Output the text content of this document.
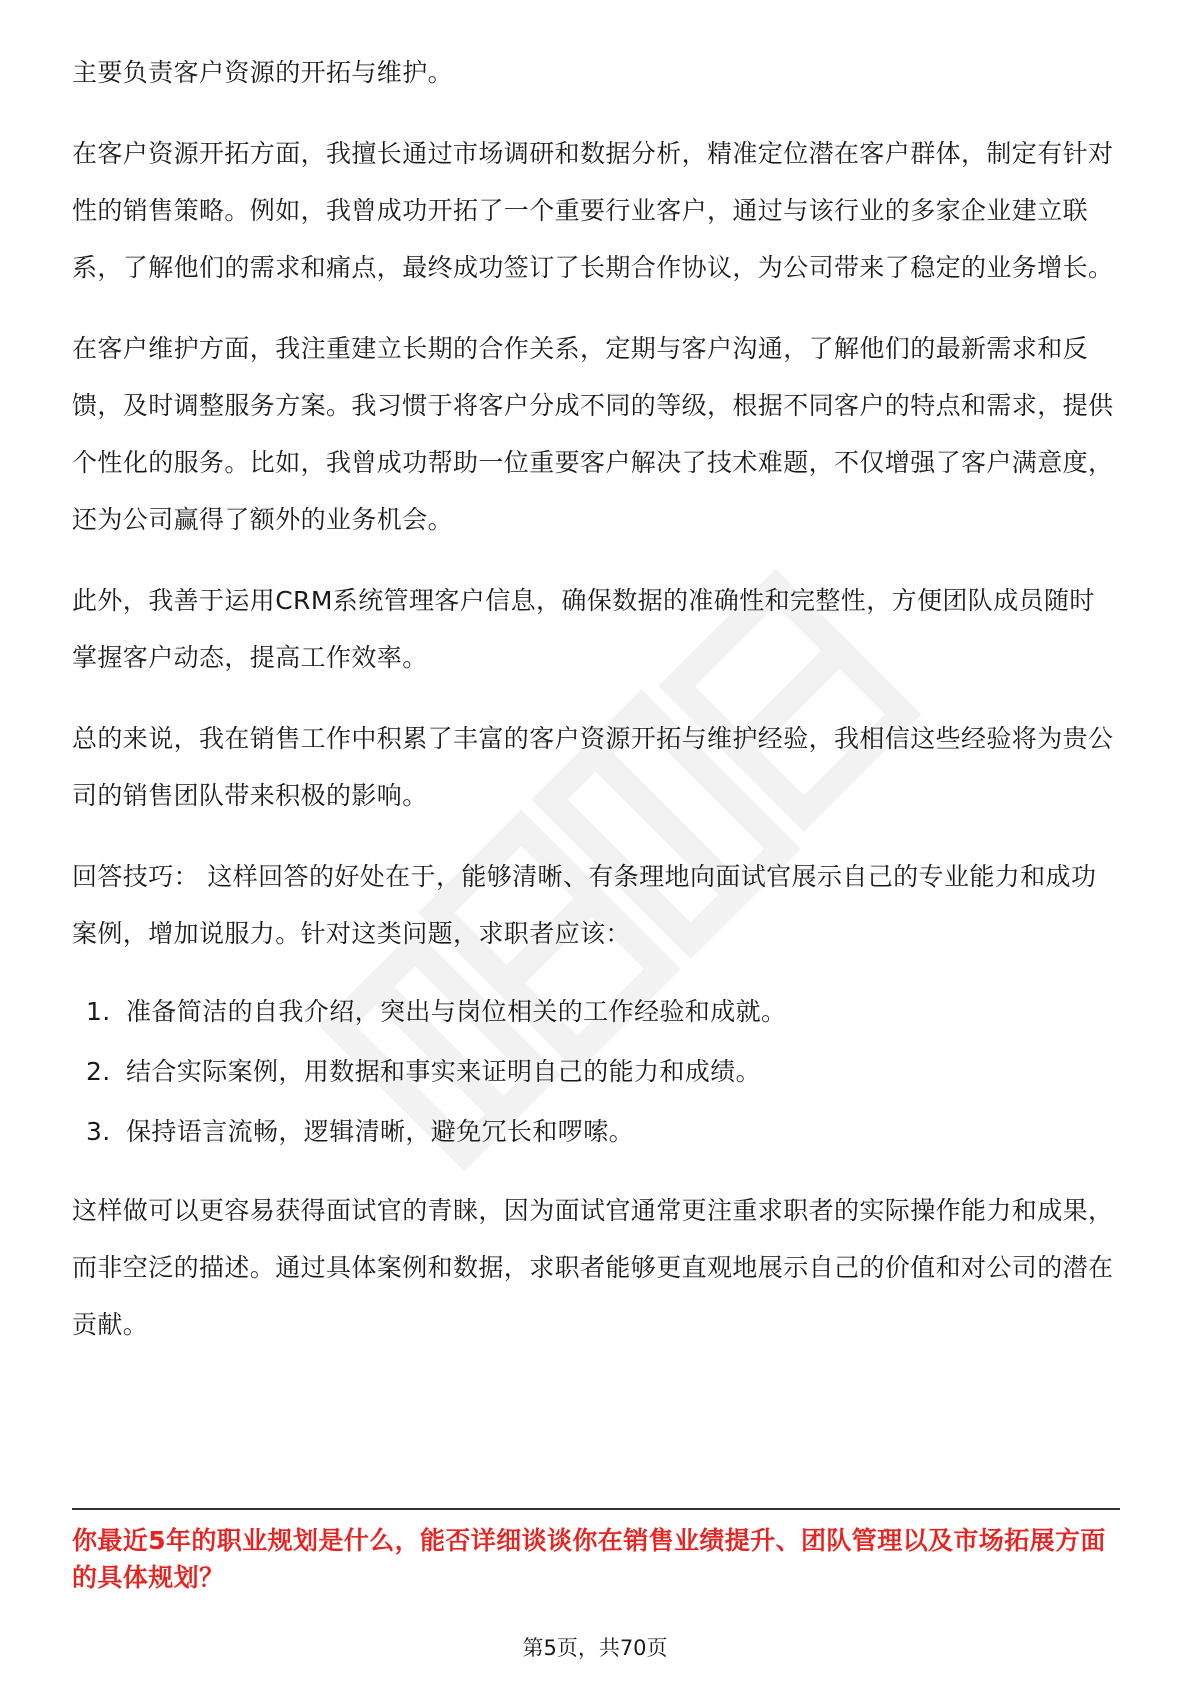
主要负责客户资源的开拓与维护。

在客户资源开拓方面，我擅长通过市场调研和数据分析，精准定位潜在客户群体，制定有针对性的销售策略。例如，我曾成功开拓了一个重要行业客户，通过与该行业的多家企业建立联系，了解他们的需求和痛点，最终成功签订了长期合作协议，为公司带来了稳定的业务增长。

在客户维护方面，我注重建立长期的合作关系，定期与客户沟通，了解他们的最新需求和反馈，及时调整服务方案。我习惯于将客户分成不同的等级，根据不同客户的特点和需求，提供个性化的服务。比如，我曾成功帮助一位重要客户解决了技术难题，不仅增强了客户满意度，还为公司赢得了额外的业务机会。

此外，我善于运用CRM系统管理客户信息，确保数据的准确性和完整性，方便团队成员随时掌握客户动态，提高工作效率。

总的来说，我在销售工作中积累了丰富的客户资源开拓与维护经验，我相信这些经验将为贵公司的销售团队带来积极的影响。

回答技巧： 这样回答的好处在于，能够清晰、有条理地向面试官展示自己的专业能力和成功案例，增加说服力。针对这类问题，求职者应该：

1. 准备简洁的自我介绍，突出与岗位相关的工作经验和成就。
2. 结合实际案例，用数据和事实来证明自己的能力和成绩。
3. 保持语言流畅，逻辑清晰，避免冗长和啰嗦。

这样做可以更容易获得面试官的青睐，因为面试官通常更注重求职者的实际操作能力和成果，而非空泛的描述。通过具体案例和数据，求职者能够更直观地展示自己的价值和对公司的潜在贡献。

你最近5年的职业规划是什么，能否详细谈谈你在销售业绩提升、团队管理以及市场拓展方面的具体规划？

第5页，共70页
